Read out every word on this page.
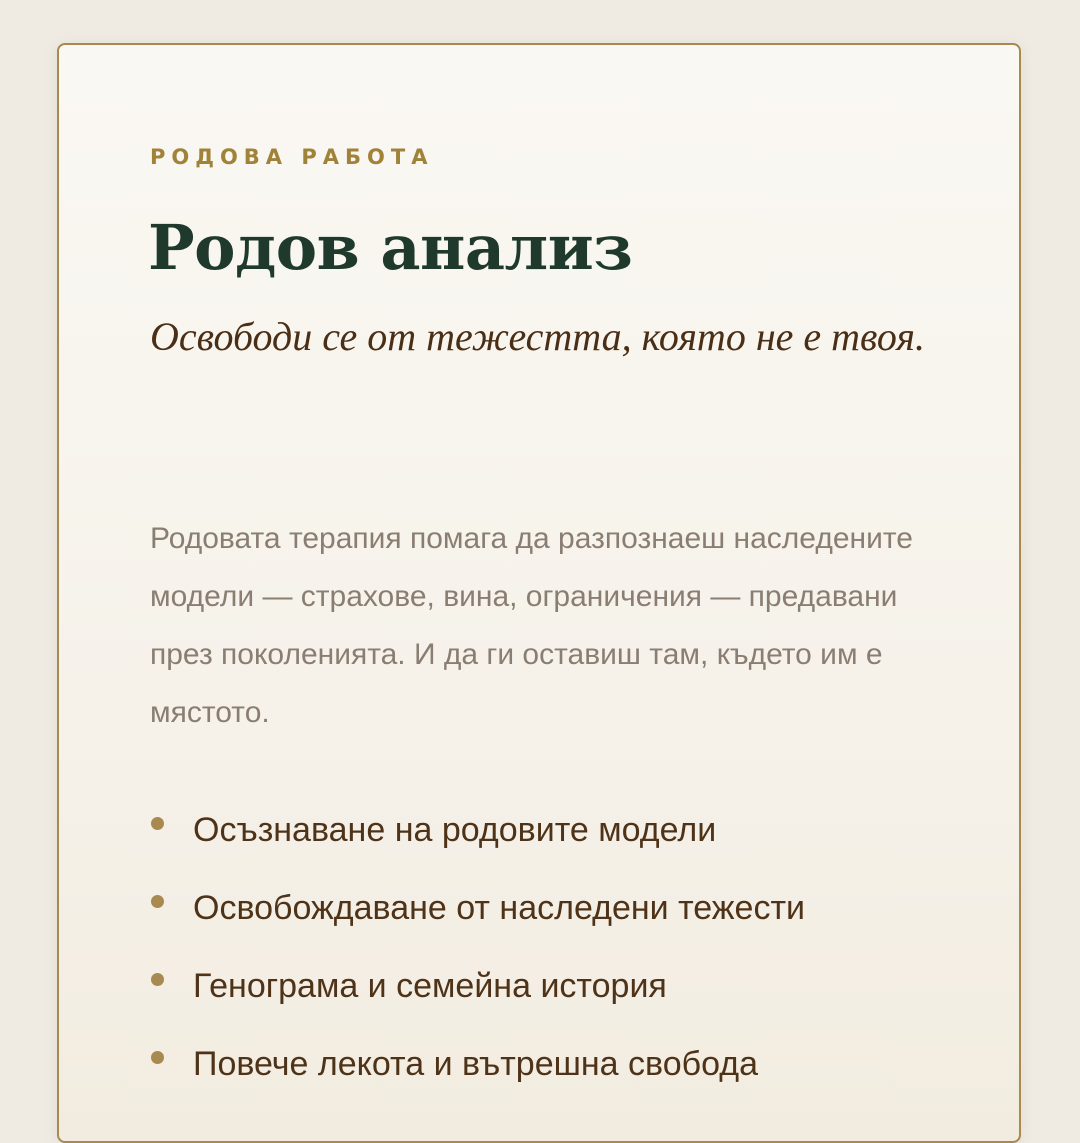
РОДОВА РАБОТА

Родов анализ

Освободи се от тежестта, която не е твоя.

Родовата терапия помага да разпознаеш наследените модели — страхове, вина, ограничения — предавани през поколенията. И да ги оставиш там, където им е мястото.

Осъзнаване на родовите модели
Освобождаване от наследени тежести
Генограма и семейна история
Повече лекота и вътрешна свобода
